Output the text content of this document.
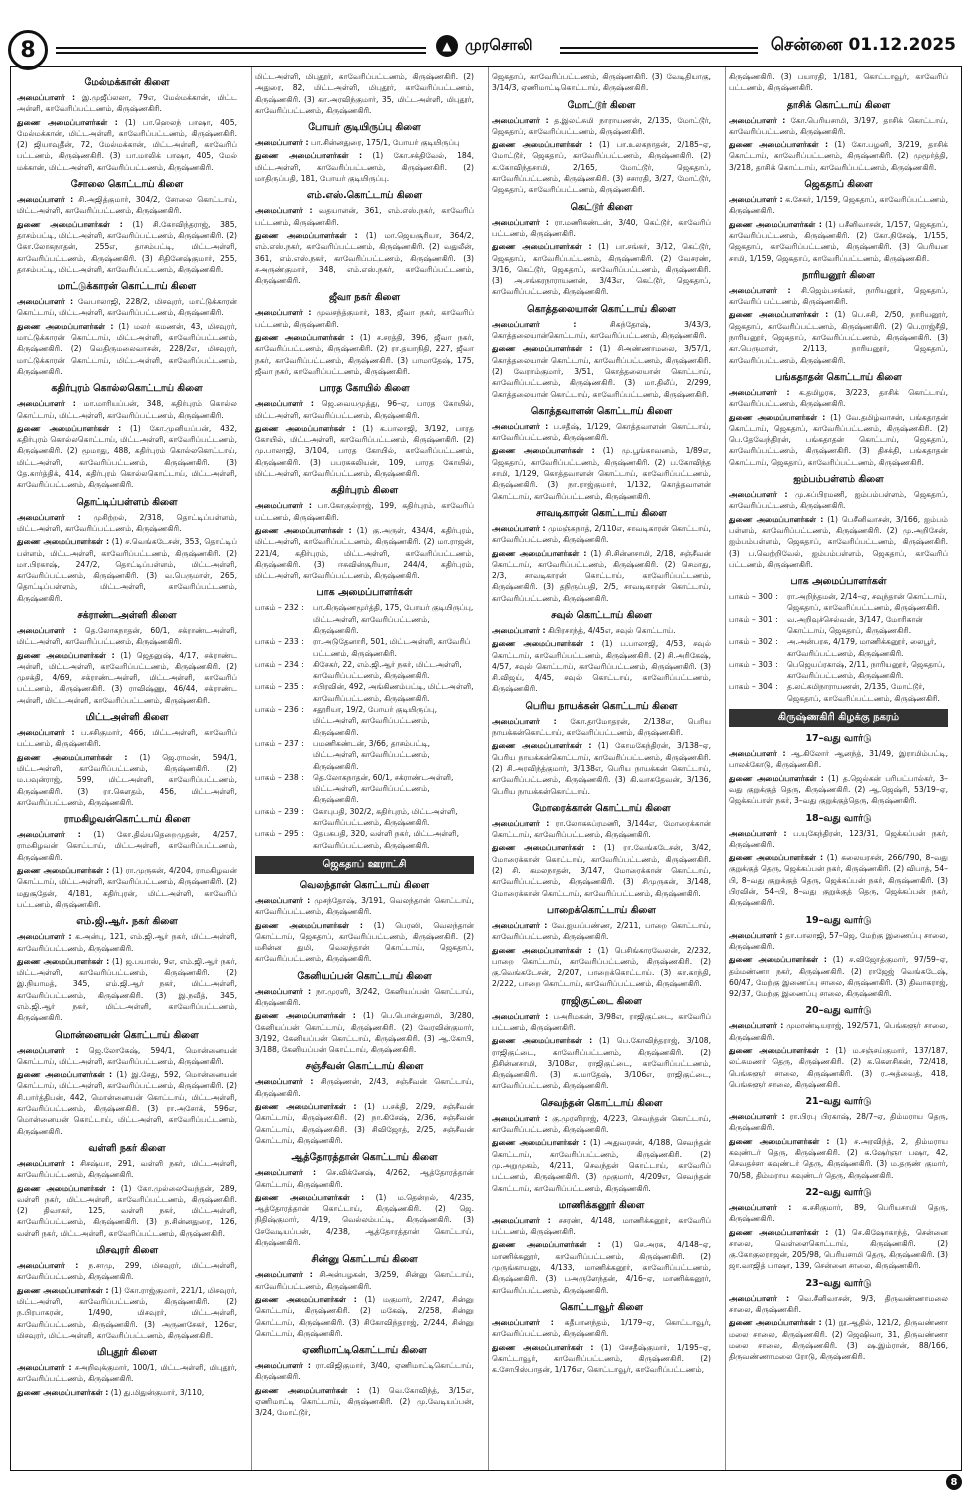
8	▲ முரசொலி	சென்னை 01.12.2025
மேல்மக்கான் கிளை

அமைப்பாளர் : இ.முஜீப்லலா, 79எ, மேல்மக்கான், மிட்ட அள்ளி, காவேரிப்பட்டணம், கிருஷ்ணகிரி.

துணை அமைப்பாளர்கள் : (1) பா.ஹெலந் பாஷா, 405, மேல்மக்கான், மிட்டஅள்ளி, காவேரிப்பட்டணம், கிருஷ்ணகிரி. (2) ஜியாவுதீன், 72, மேல்மக்கான், மிட்டஅள்ளி, காவேரிப் பட்டணம், கிருஷ்ணகிரி. (3) பா.மாலிக் பாஷா, 405, மேல் மக்கான், மிட்டஅள்ளி, காவேரிப்பட்டணம், கிருஷ்ணகிரி.

சோலை கொட்டாய் கிளை

அமைப்பாளர் : சி.அஜித்குமார், 304/2, சோலை கொட்டாய், மிட்டஅள்ளி, காவேரிப்பட்டணம், கிருஷ்ணகிரி.

துணை அமைப்பாளர்கள் : (1) சி.கோவிந்தராஜ், 385, தாசம்பட்டி, மிட்டஅள்ளி, காவேரிப்பட்டணம், கிருஷ்ணகிரி. (2) கோ.லோகநாதன், 255எ, தாசம்பட்டி, மிட்டஅள்ளி, காவேரிப்பட்டணம், கிருஷ்ணகிரி. (3) சிதினேஷ்குமார், 255, தாசம்பட்டி, மிட்டஅள்ளி, காவேரிப்பட்டணம், கிருஷ்ணகிரி.

மாட்டுக்காரன் கொட்டாய் கிளை

அமைப்பாளர் : வேபாலாஜி, 228/2, மிசவுரர், மாட்டுக்காரன் கொட்டாய், மிட்டஅள்ளி, காவேரிப்பட்டணம், கிருஷ்ணகிரி.

துணை அமைப்பாளர்கள் : (1) மலர் கமணன், 43, மிசவுரர், மாட்டுக்காரன் கொட்டாய், மிட்டஅள்ளி, காவேரிப்பட்டணம், கிருஷ்ணகிரி. (2) வெதிருமலைவாசன், 228/2எ, மிசவுரர், மாட்டுக்காரன் கொட்டாய், மிட்டஅள்ளி, காவேரிப்பட்டணம், கிருஷ்ணகிரி.

கதிர்புரம் கொல்லகொட்டாய் கிளை

அமைப்பாளர் : மா.மாரியப்பன், 348, கதிர்புரம் கொல்ல கொட்டாய், மிட்டஅள்ளி, காவேரிப்பட்டணம், கிருஷ்ணகிரி.

துணை அமைப்பாளர்கள் : (1) கோ.முனியப்பன், 432, கதிர்புரம் கொல்லகொட்டாய், மிட்டஅள்ளி, காவேரிப்பட்டணம், கிருஷ்ணகிரி. (2) மூமாது, 488, கதிர்புரம் கொல்லகொட்டாய், மிட்டஅள்ளி, காவேரிப்பட்டணம், கிருஷ்ணகிரி. (3) தே.கார்த்திக், 414, கதிர்புரம் கொல்லகொட்டாய், மிட்டஅள்ளி, காவேரிப்பட்டணம், கிருஷ்ணகிரி.

தொட்டிப்பள்ளம் கிளை

அமைப்பாளர் : முசிற்றல், 2/318, தொட்டிப்பள்ளம், மிட்டஅள்ளி, காவேரிப்பட்டணம், கிருஷ்ணகிரி.

துணை அமைப்பாளர்கள் : (1) ச.வெங்கடேசன், 353, தொட்டிப் பள்ளம், மிட்டஅள்ளி, காவேரிப்பட்டணம், கிருஷ்ணகிரி. (2) மா.பிரகாஷ், 247/2, தொட்டிப்பள்ளம், மிட்டஅள்ளி, காவேரிப்பட்டணம், கிருஷ்ணகிரி. (3) வ.பெருமாள், 265, தொட்டிப்பள்ளம், மிட்டஅள்ளி, காவேரிப்பட்டணம், கிருஷ்ணகிரி.

சக்ராண்டஅள்ளி கிளை

அமைப்பாளர் : தெ.லோகநாதன், 60/1, சக்ராண்டஅள்ளி, மிட்டஅள்ளி, காவேரிப்பட்டணம், கிருஷ்ணகிரி.

துணை அமைப்பாளர்கள் : (1) ஜெதனுஷ், 4/17, சக்ராண்ட அள்ளி, மிட்டஅள்ளி, காவேரிப்பட்டணம், கிருஷ்ணகிரி. (2) முசக்தி, 4/69, சக்ராண்டஅள்ளி, மிட்டஅள்ளி, காவேரிப் பட்டணம், கிருஷ்ணகிரி. (3) ராவிஷ்ணு, 46/44, சக்ராண்ட அள்ளி, மிட்டஅள்ளி, காவேரிப்பட்டணம், கிருஷ்ணகிரி.

மிட்டஅள்ளி கிளை

அமைப்பாளர் : ப.சசிகுமார், 466, மிட்டஅள்ளி, காவேரிப் பட்டணம், கிருஷ்ணகிரி.

துணை அமைப்பாளர்கள் : (1) ஜெ.ராமன், 594/1, மிட்டஅள்ளி, காவேரிப்பட்டணம், கிருஷ்ணகிரி. (2) ம.பவுன்ராஜ், 599, மிட்டஅள்ளி, காவேரிப்பட்டணம், கிருஷ்ணகிரி. (3) ரா.கௌதம், 456, மிட்டஅள்ளி, காவேரிப்பட்டணம், கிருஷ்ணகிரி.

ராமகிழவன்கொட்டாய் கிளை

அமைப்பாளர் : (1) கோ.திவ்யதெறைமுதன், 4/257, ராமகிழவன் கொட்டாய், மிட்டஅள்ளி, காவேரிப்பட்டணம், கிருஷ்ணகிரி.

துணை அமைப்பாளர்கள் : (1) ரா.முருகன், 4/204, ராமகிழவன் கொட்டாய், மிட்டஅள்ளி, காவேரிப்பட்டணம், கிருஷ்ணகிரி. (2) மதுசூதேன், 4/181, கதிர்புரன், மிட்டஅள்ளி, காவேரிப் பட்டணம், கிருஷ்ணகிரி.

எம்.ஜி.ஆர். நகர் கிளை

அமைப்பாளர் : க.அன்பு, 121, எம்.ஜி.ஆர் நகர், மிட்டஅள்ளி, காவேரிப்பட்டணம், கிருஷ்ணகிரி.

துணை அமைப்பாளர்கள் : (1) ஜ.பயாஸ், 9எ, எம்.ஜி.ஆர் நகர், மிட்டஅள்ளி, காவேரிப்பட்டணம், கிருஷ்ணகிரி. (2) இ.நியாமத், 345, எம்.ஜி.ஆர் நகர், மிட்டஅள்ளி, காவேரிப்பட்டணம், கிருஷ்ணகிரி. (3) இ.நவீத், 345, எம்.ஜி.ஆர் நகர், மிட்டஅள்ளி, காவேரிப்பட்டணம், கிருஷ்ணகிரி.

மொன்னையன் கொட்டாய் கிளை

அமைப்பாளர் : ஜெ.லோகேஷ், 594/1, மொன்னையன் கொட்டாய், மிட்டஅள்ளி, காவேரிப்பட்டணம், கிருஷ்ணகிரி.

துணை அமைப்பாளர்கள் : (1) இ.சேது, 592, மொன்னையன் கொட்டாய், மிட்டஅள்ளி, காவேரிப்பட்டணம், கிருஷ்ணகிரி. (2) சி.பார்த்திபன், 442, மொன்னையன் கொட்டாய், மிட்டஅள்ளி, காவேரிப்பட்டணம், கிருஷ்ணகிரி. (3) ரா.அசோக், 596எ, மொன்னையன் கொட்டாய், மிட்டஅள்ளி, காவேரிப்பட்டணம், கிருஷ்ணகிரி.

வள்ளி நகர் கிளை

அமைப்பாளர் : சிசஷ்யா, 291, வள்ளி நகர், மிட்டஅள்ளி, காவேரிப்பட்டணம், கிருஷ்ணகிரி.

துணை அமைப்பாளர்கள் : (1) கோ.முல்லைவேந்தன், 289, வள்ளி நகர், மிட்டஅள்ளி, காவேரிப்பட்டணம், கிருஷ்ணகிரி. (2) திவாகர், 125, வள்ளி நகர், மிட்டஅள்ளி, காவேரிப்பட்டணம், கிருஷ்ணகிரி. (3) ந.சின்னதுரை, 126, வள்ளி நகர், மிட்டஅள்ளி, காவேரிப்பட்டணம், கிருஷ்ணகிரி.

மிசவுரர் கிளை

அமைப்பாளர் : ந.சாமு, 299, மிசவுரர், மிட்டஅள்ளி, காவேரிப்பட்டணம், கிருஷ்ணகிரி.

துணை அமைப்பாளர்கள் : (1) கோ.ராஜ்குமார், 221/1, மிசவுரர், மிட்டஅள்ளி, காவேரிப்பட்டணம், கிருஷ்ணகிரி. (2) ந.பிரபாகரன், 1/490, மிசவுரர், மிட்டஅள்ளி, காவேரிப்பட்டணம், கிருஷ்ணகிரி. (3) அருணசேகர், 126எ, மிசவுரர், மிட்டஅள்ளி, காவேரிப்பட்டணம், கிருஷ்ணகிரி.

மிபுதூர் கிளை

அமைப்பாளர் : சஅறிவுக்குமார், 100/1, மிட்டஅள்ளி, மிபுதூர், காவேரிப்பட்டணம், கிருஷ்ணகிரி.

துணை அமைப்பாளர்கள் : (1) து.மிதுன்குமார், 3/110,

மிட்டஅள்ளி, மிபுதூர், காவேரிப்பட்டணம், கிருஷ்ணகிரி. (2) அதுரை, 82, மிட்டஅள்ளி, மிபுதூர், காவேரிப்பட்டணம், கிருஷ்ணகிரி. (3) கா.அரவிந்குமார், 35, மிட்டஅள்ளி, மிபுதூர், காவேரிப்பட்டணம், கிருஷ்ணகிரி.

போயர் குடியிருப்பு கிளை

அமைப்பாளர் : பா.சின்னதுரை, 175/1, போயர் குடியிருப்பு

துணை அமைப்பாளர்கள் : (1) கோ.சக்திவேல், 184, மிட்டஅள்ளி, காவேரிப்பட்டணம், கிருஷ்ணகிரி. (2) மாதிருப்பதி, 181, போயர் குடியிருப்பு.

எம்.எஸ்.கொட்டாய் கிளை

அமைப்பாளர் : வதயாளன், 361, எம்.எஸ்.நகர், காவேரிப் பட்டணம், கிருஷ்ணகிரி.

துணை அமைப்பாளர்கள் : (1) மா.ஜெயசூரியா, 364/2, எம்.எஸ்.நகர், காவேரிப்பட்டணம், கிருஷ்ணகிரி. (2) வதுலீன், 361, எம்.எஸ்.நகர், காவேரிப்பட்டணம், கிருஷ்ணகிரி. (3) சஅருண்குமார், 348, எம்.எஸ்.நகர், காவேரிப்பட்டணம், கிருஷ்ணகிரி.

ஜீவா நகர் கிளை

அமைப்பாளர் : முவசந்த்குமார், 183, ஜீவா நகர், காவேரிப் பட்டணம், கிருஷ்ணகிரி.

துணை அமைப்பாளர்கள் : (1) ச.சரத்தி, 396, ஜீவா நகர், காவேரிப்பட்டணம், கிருஷ்ணகிரி. (2) ரா.தயாநிதி, 227, ஜீவா நகர், காவேரிப்பட்டணம், கிருஷ்ணகிரி. (3) பாமாதேஷ், 175, ஜீவா நகர், காவேரிப்பட்டணம், கிருஷ்ணகிரி.

பாரத கோயில் கிளை

அமைப்பாளர் : ஜெ.வையமுத்து, 96–ஏ, பாரத கோயில், மிட்டஅள்ளி, காவேரிப்பட்டணம், கிருஷ்ணகிரி.

துணை அமைப்பாளர்கள் : (1) க.பாலாஜி, 3/192, பாரத கோயில், மிட்டஅள்ளி, காவேரிப்பட்டணம், கிருஷ்ணகிரி. (2) மு.பாலாஜி, 3/104, பாரத கோயில், காவேரிப்பட்டணம், கிருஷ்ணகிரி. (3) பபரசுகலியன், 109, பாரத கோயில், மிட்டஅள்ளி, காவேரிப்பட்டணம், கிருஷ்ணகிரி.

கதிர்புரம் கிளை

அமைப்பாளர் : பா.கோகுல்ராஜ், 199, கதிர்புரம், காவேரிப் பட்டணம், கிருஷ்ணகிரி.

துணை அமைப்பாளர்கள் : (1) கு.அருள், 434/4, கதிர்புரம், மிட்டஅள்ளி, காவேரிப்பட்டணம், கிருஷ்ணகிரி. (2) மா.ராஜன், 221/4, கதிர்புரம், மிட்டஅள்ளி, காவேரிப்பட்டணம், கிருஷ்ணகிரி. (3) ஈசுவின்சூரியா, 244/4, கதிர்புரம், மிட்டஅள்ளி, காவேரிப்பட்டணம், கிருஷ்ணகிரி.

பாக அமைப்பாளர்கள்
பாகம் – 232 :	பா.கிருஷ்ணமூர்த்தி, 175, போயர் குடியிருப்பு, மிட்டஅள்ளி, காவேரிப்பட்டணம், கிருஷ்ணகிரி.
பாகம் – 233 :	ரா.அடுதேனாரி, 501, மிட்டஅள்ளி, காவேரிப் பட்டணம், கிருஷ்ணகிரி.
பாகம் – 234 :	கிசேகர், 22, எம்.ஜி.ஆர் நகர், மிட்டஅள்ளி, காவேரிப்பட்டணம், கிருஷ்ணகிரி.
பாகம் – 235 :	சபிரவின், 492, அங்கிணம்பட்டி, மிட்டஅள்ளி, காவேரிப்பட்டணம், கிருஷ்ணகிரி.
பாகம் – 236 :	சதூரியா, 19/2, போயர் குடியிருப்பு, மிட்டஅள்ளி, காவேரிப்பட்டணம், கிருஷ்ணகிரி.
பாகம் – 237 :	பமணிகண்டன், 3/66, தாசம்பட்டி, மிட்டஅள்ளி, காவேரிப்பட்டணம், கிருஷ்ணகிரி.
பாகம் – 238 :	தெ.லோகநாதன், 60/1, சக்ராண்டஅள்ளி, மிட்டஅள்ளி, காவேரிப்பட்டணம், கிருஷ்ணகிரி.
பாகம் – 239 :	கோபுபதி, 302/2, கதிர்புரம், மிட்டஅள்ளி, காவேரிப்பட்டணம், கிருஷ்ணகிரி.
பாகம் – 295 :	தேபகபதி, 320, வள்ளி நகர், மிட்டஅள்ளி, காவேரிப்பட்டணம், கிருஷ்ணகிரி.
ஜெகதாப் ஊராட்சி
வெலந்தான் கொட்டாய் கிளை

அமைப்பாளர் : முசந்தோஷ், 3/191, வெலந்தான் கொட்டாய், காவேரிப்பட்டணம், கிருஷ்ணகிரி.

துணை அமைப்பாளர்கள் : (1) பெரஸி, வெலந்தான் கொட்டாய், ஜெகதாப், காவேரிப்பட்டணம், கிருஷ்ணகிரி. (2) மசின்ன துமி, வெலந்தான் கொட்டாய், ஜெகதாப், காவேரிப்பட்டணம், கிருஷ்ணகிரி.

கேனியப்பன் கொட்டாய் கிளை

அமைப்பாளர் : நா.முரளி, 3/242, கேனியப்பன் கொட்டாய், கிருஷ்ணகிரி.

துணை அமைப்பாளர்கள் : (1) பெ.பொன்துசாமி, 3/280, கேனியப்பன் கொட்டாய், கிருஷ்ணகிரி. (2) வேரவின்குமார், 3/192, கேனியப்பன் கொட்டாய், கிருஷ்ணகிரி. (3) ஆ.கோபி, 3/188, கேனியப்பன் கொட்டாய், கிருஷ்ணகிரி.

சஞ்சீவன் கொட்டாய் கிளை

அமைப்பாளர் : சிருஷ்ணன், 2/43, சஞ்சீவன் கொட்டாய், கிருஷ்ணகிரி.

துணை அமைப்பாளர்கள் : (1) ப.சக்தி, 2/29, சஞ்சீவன் கொட்டாய், கிருஷ்ணகிரி. (2) நா.கிசேஷ், 2/36, சஞ்சீவன் கொட்டாய், கிருஷ்ணகிரி. (3) சிவிஜோத், 2/25, சஞ்சீவன் கொட்டாய், கிருஷ்ணகிரி.

ஆத்தோரத்தான் கொட்டாய் கிளை

அமைப்பாளர் : செ.விக்னேஷ், 4/262, ஆத்தோரத்தான் கொட்டாய், கிருஷ்ணகிரி.

துணை அமைப்பாளர்கள் : (1) ம.தென்றல், 4/235, ஆத்தோரத்தான் கொட்டாய், கிருஷ்ணகிரி. (2) ஜெ. நிதிஷ்குமார், 4/19, வெல்லம்பட்டி, கிருஷ்ணகிரி. (3) சேவேடியப்பன், 4/238, ஆத்தோரத்தான் கொட்டாய், கிருஷ்ணகிரி.

சின்னு கொட்டாய் கிளை

அமைப்பாளர் : சிஅன்பழகன், 3/259, சின்னு கொட்டாய், காவேரிப்பட்டணம், கிருஷ்ணகிரி.

துணை அமைப்பாளர்கள் : (1) மகுமார், 2/247, சின்னு கொட்டாய், கிருஷ்ணகிரி. (2) மகேஷ், 2/258, சின்னு கொட்டாய், கிருஷ்ணகிரி. (3) சிகோவிந்தராஜ், 2/244, சின்னு கொட்டாய், கிருஷ்ணகிரி.

ஏணிமாட்டிகொட்டாய் கிளை

அமைப்பாளர் : ரா.விஜிகுமார், 3/40, ஏணிமாட்டிகொட்டாய், கிருஷ்ணகிரி.

துணை அமைப்பாளர்கள் : (1) வெ.கோவிந்த், 3/15எ, ஏணிமாட்டி கொட்டாய், கிருஷ்ணகிரி. (2) மு.வேடியப்பன், 3/24, மோட்டூர்,

ஜெகதாப், காவேரிப்பட்டணம், கிருஷ்ணகிரி. (3) வேடிதியாகு, 3/14/3, ஏணிமாட்டிகொட்டாய், கிருஷ்ணகிரி.

மோட்டூர் கிளை

அமைப்பாளர் : த.இலட்சுமி நாராயணன், 2/135, மோட்டூர், ஜெகதாப், காவேரிப்பட்டணம், கிருஷ்ணகிரி.

துணை அமைப்பாளர்கள் : (1) பா.உலகநாதன், 2/185–ஏ, மோட்டூர், ஜெகதாப், காவேரிப்பட்டணம், கிருஷ்ணகிரி. (2) க.கோவிந்தசாமி, 2/165, மோட்டூர், ஜெகதாப், காவேரிப்பட்டணம், கிருஷ்ணகிரி. (3) சசாரதி, 3/27, மோட்டூர், ஜெகதாப், காவேரிப்பட்டணம், கிருஷ்ணகிரி.

கெட்டூர் கிளை

அமைப்பாளர் : ரா.மணிகண்டன், 3/40, கெட்டூர், காவேரிப் பட்டணம், கிருஷ்ணகிரி.

துணை அமைப்பாளர்கள் : (1) பா.சங்கர், 3/12, கெட்டூர், ஜெகதாப், காவேரிப்பட்டணம், கிருஷ்ணகிரி. (2) வேசரண், 3/16, கெட்டூர், ஜெகதாப், காவேரிப்பட்டணம், கிருஷ்ணகிரி. (3) அ.சங்கரநாராயணன், 3/43எ, கெட்டூர், ஜெகதாப், காவேரிப்பட்டணம், கிருஷ்ணகிரி.

கொத்தலையான் கொட்டாய் கிளை

அமைப்பாளர் :	சிசுந்தோஷ், 3/43/3, கொத்தலையான்கொட்டாய், காவேரிப்பட்டணம், கிருஷ்ணகிரி.

துணை அமைப்பாளர்கள் : (1) சிஅண்ணாமலை, 3/57/1, கொத்தலையான் கொட்டாய், காவேரிப்பட்டணம், கிருஷ்ணகிரி. (2) வேராம்குமார், 3/51, கொத்தலையான் கொட்டாய், காவேரிப்பட்டணம், கிருஷ்ணகிரி. (3) மா.திலீப், 2/299, கொத்தலையான் கொட்டாய், காவேரிப்பட்டணம், கிருஷ்ணகிரி.

கொத்தவாளன் கொட்டாய் கிளை

அமைப்பாளர் : ப.சதீஷ், 1/129, கொத்தவாளன் கொட்டாய், காவேரிப்பட்டணம், கிருஷ்ணகிரி.

துணை அமைப்பாளர்கள் : (1) மு.பூங்காவனம், 1/89எ, ஜெகதாப், காவேரிப்பட்டணம், கிருஷ்ணகிரி. (2) ப.கோவிந்த சாமி, 1/129, கொத்தவாளன் கொட்டாய், காவேரிப்பட்டணம், கிருஷ்ணகிரி. (3) நா.ராஜ்குமார், 1/132, கொத்தவாளன் கொட்டாய், காவேரிப்பட்டணம், கிருஷ்ணகிரி.

சாவடிகாரன் கொட்டாய் கிளை

அமைப்பாளர் : முமஞ்சுநாத், 2/110எ, சாவடிகாரன் கொட்டாய், காவேரிப்பட்டணம், கிருஷ்ணகிரி.

துணை அமைப்பாளர்கள் : (1) சி.சின்னசாமி, 2/18, சஞ்சீவன் கொட்டாய், காவேரிப்பட்டணம், கிருஷ்ணகிரி. (2) செமாது, 2/3, சாவடிகாரன் கொட்டாய், காவேரிப்பட்டணம், கிருஷ்ணகிரி. (3) தநிருப்பதி, 2/5, சாவடிகாரன் கொட்டாய், காவேரிப்பட்டணம், கிருஷ்ணகிரி.

சவுல் கொட்டாய் கிளை

அமைப்பாளர் : கிபிரசாந்த், 4/45எ, சவுல் கொட்டாய்.

துணை அமைப்பாளர்கள் : (1) ப.பாலாஜி, 4/53, சவுல் கொட்டாய், காவேரிப்பட்டணம், கிருஷ்ணகிரி. (2) சி.அரிகேஷ், 4/57, சவுல் கொட்டாய், காவேரிப்பட்டணம், கிருஷ்ணகிரி. (3) சி.விஜய், 4/45, சவுல் கொட்டாய், காவேரிப்பட்டணம், கிருஷ்ணகிரி.

பெரிய நாயக்கன் கொட்டாய் கிளை

அமைப்பாளர் : கோ.தாமோதரன், 2/138எ, பெரிய நாயக்கன்கொட்டாய், காவேரிப்பட்டணம், கிருஷ்ணகிரி.

துணை அமைப்பாளர்கள் : (1) கோமகேந்திரன், 3/138–ஏ, பெரிய நாயக்கன்கொட்டாய், காவேரிப்பட்டணம், கிருஷ்ணகிரி. (2) சி.அரவிந்த்குமார், 3/138எ, பெரிய நாயக்கன் கொட்டாய், காவேரிப்பட்டணம், கிருஷ்ணகிரி. (3) கி.வாசுதேவன், 3/136, பெரிய நாயக்கன்கொட்டாய்.

மோரைக்கான் கொட்டாய் கிளை

அமைப்பாளர் : ரா.லோகசுப்ரமணி, 3/144எ, மோரைக்கான் கொட்டாய், காவேரிப்பட்டணம், கிருஷ்ணகிரி.

துணை அமைப்பாளர்கள் : (1) ரா.வேங்கடேசன், 3/42, மோரைக்கான் கொட்டாய், காவேரிப்பட்டணம், கிருஷ்ணகிரி. (2) சி. கமலநாதன், 3/147, மோரைக்கான் கொட்டாய், காவேரிப்பட்டணம், கிருஷ்ணகிரி. (3) சிமுருகன், 3/148, மோரைக்கான் கொட்டாய், காவேரிப்பட்டணம், கிருஷ்ணகிரி.

பாறைக்கொட்டாய் கிளை

அமைப்பாளர் : வே.ஐயப்பண்ண, 2/211, பாறை கொட்டாய், காவேரிப்பட்டணம், கிருஷ்ணகிரி.

துணை அமைப்பாளர்கள் : (1) பெசிங்காரவேலன், 2/232, பாறை கொட்டாய், காவேரிப்பட்டணம், கிருஷ்ணகிரி. (2) கு.வெங்கடேசன், 2/207, பாறைக்கொட்டாய். (3) கா.காந்தி, 2/222, பாறை கொட்டாய், காவேரிப்பட்டணம், கிருஷ்ணகிரி.

ராஜிகுட்டை கிளை

அமைப்பாளர் : பஅரிமகன், 3/98எ, ராஜிகுட்டை, காவேரிப் பட்டணம், கிருஷ்ணகிரி.

துணை அமைப்பாளர்கள் : (1) பெ.கோவிந்தராஜ், 3/108, ராஜிகுட்டை, காவேரிப்பட்டணம், கிருஷ்ணகிரி. (2) திசின்னசாமி, 3/108எ, ராஜிகுட்டை, காவேரிப்பட்டணம், கிருஷ்ணகிரி. (3) க.மாதேஷ், 3/106எ, ராஜிகுட்டை, காவேரிப்பட்டணம், கிருஷ்ணகிரி.

செவந்தன் கொட்டாய் கிளை

அமைப்பாளர் : கு.முரளிராஜ், 4/223, செவந்தன் கொட்டாய், காவேரிப்பட்டணம், கிருஷ்ணகிரி.

துணை அமைப்பாளர்கள் : (1) அதுவரசன், 4/188, செவந்தன் கொட்டாய், காவேரிப்பட்டணம், கிருஷ்ணகிரி. (2) மு.அறுமுகம், 4/211, செவந்தன் கொட்டாய், காவேரிப் பட்டணம், கிருஷ்ணகிரி. (3) முகுமார், 4/209எ, செவந்தன் கொட்டாய், காவேரிப்பட்டணம், கிருஷ்ணகிரி.

மாணிக்கனூர் கிளை

அமைப்பாளர் : சசரண், 4/148, மாணிக்கனூர், காவேரிப் பட்டணம், கிருஷ்ணகிரி.

துணை அமைப்பாளர்கள் : (1) செ.அரசு, 4/148–ஏ, மாணிக்கனூர், காவேரிப்பட்டணம், கிருஷ்ணகிரி. (2) முருங்காயனு, 4/133, மாணிக்கனூர், காவேரிப்பட்டணம், கிருஷ்ணகிரி. (3) பஅருளேந்தன், 4/16–ஏ, மாணிக்கனூர், காவேரிப்பட்டணம், கிருஷ்ணகிரி.

கொட்டாவூர் கிளை

அமைப்பாளர் : கதீபானந்தம், 1/179–ஏ, கொட்டாவூர், காவேரிப்பட்டணம், கிருஷ்ணகிரி.

துணை அமைப்பாளர்கள் : (1) சேசதீஷ்குமார், 1/195–ஏ, கொட்டாவூர், காவேரிப்பட்டணம், கிருஷ்ணகிரி. (2) க.சோபிஸ்பாதன், 1/176எ, கொட்டாவூர், காவேரிப்பட்டணம்,

கிருஷ்ணகிரி. (3) பயாரதி, 1/181, கொட்டாவூர், காவேரிப் பட்டணம், கிருஷ்ணகிரி.

தாசிக் கொட்டாய் கிளை

அமைப்பாளர் : கோ.பெரியசாமி, 3/197, தாசிக் கொட்டாய், காவேரிப்பட்டணம், கிருஷ்ணகிரி.

துணை அமைப்பாளர்கள் : (1) கோ.பழனி, 3/219, தாசிக் கொட்டாய், காவேரிப்பட்டணம், கிருஷ்ணகிரி. (2) முமூர்த்தி, 3/218, தாசிக் கொட்டாய், காவேரிப்பட்டணம், கிருஷ்ணகிரி.

ஜெகதாப் கிளை

அமைப்பாளர் : க.சேகர், 1/159, ஜெகதாப், காவேரிப்பட்டணம், கிருஷ்ணகிரி.

துணை அமைப்பாளர்கள் : (1) பசீனிவாசன், 1/157, ஜெகதாப், காவேரிப்பட்டணம், கிருஷ்ணகிரி. (2) கோ.நிசேஷ், 1/155, ஜெகதாப், காவேரிப்பட்டணம், கிருஷ்ணகிரி. (3) பெரியன சாமி, 1/159, ஜெகதாப், காவேரிப்பட்டணம், கிருஷ்ணகிரி.

நாரியனூர் கிளை

அமைப்பாளர் : சி.ஜெம்பசங்கர், நாரியனூர், ஜெகதாப், காவேரிப் பட்டணம், கிருஷ்ணகிரி.

துணை அமைப்பாளர்கள் : (1) பெ.சசி, 2/50, நாரியனூர், ஜெகதாப், காவேரிப்பட்டணம், கிருஷ்ணகிரி. (2) பெ.ராஜ்சீதி, நாரியனூர், ஜெகதாப், காவேரிப்பட்டணம், கிருஷ்ணகிரி. (3) கா.பெருமாள், 2/113, நாரியனூர், ஜெகதாப், காவேரிப்பட்டணம், கிருஷ்ணகிரி.

பங்கதாதன் கொட்டாய் கிளை

அமைப்பாளர் : க.தமிழரசு, 3/223, தாசிக் கொட்டாய், காவேரிப்பட்டணம், கிருஷ்ணகிரி.

துணை அமைப்பாளர்கள் : (1) வே.தமிழ்வாசன், பங்கதாதன் கொட்டாய், ஜெகதாப், காவேரிப்பட்டணம், கிருஷ்ணகிரி. (2) பெ.தேவேந்திரன், பங்கதாதன் கொட்டாய், ஜெகதாப், காவேரிப்பட்டணம், கிருஷ்ணகிரி. (3) திசக்தி, பங்கதாதன் கொட்டாய், ஜெகதாப், காவேரிப்பட்டணம், கிருஷ்ணகிரி.

ஐம்பம்பள்ளம் கிளை

அமைப்பாளர் : மு.சுப்பிரமணி, ஐம்பம்பள்ளம், ஜெகதாப், காவேரிப்பட்டணம், கிருஷ்ணகிரி.

துணை அமைப்பாளர்கள் : (1) பெசீனிவாசன், 3/166, ஐம்பம் பள்ளம், காவேரிப்பட்டணம், கிருஷ்ணகிரி. (2) மு.அறிசேன், ஐம்பம்பள்ளம், ஜெகதாப், காவேரிப்பட்டணம், கிருஷ்ணகிரி. (3) ப.வெற்றிவேல், ஐம்பம்பள்ளம், ஜெகதாப், காவேரிப் பட்டணம், கிருஷ்ணகிரி.

பாக அமைப்பாளர்கள்
பாகம் – 300 :	ரா.அறிந்தமன், 2/14–ஏ, சவுந்தான் கொட்டாய், ஜெகதாப், காவேரிப்பட்டணம், கிருஷ்ணகிரி.
பாகம் – 301 :	வ.அறிவுச்செல்வன், 3/147, மோரிகான் கொட்டாய், ஜெகதாப், கிருஷ்ணகிரி.
பாகம் – 302 :	அ.அன்பரசு, 4/179, மாணிக்கனூர், லைபூர், காவேரிப்பட்டணம், கிருஷ்ணகிரி.
பாகம் – 303 :	பெஜெயப்ரகாஷ், 2/11, நாரியனூர், ஜெகதாப், காவேரிப்பட்டணம், கிருஷ்ணகிரி.
பாகம் – 304 :	த.லட்சுமிநாராயணன், 2/135, மோட்டூர், ஜெகதாப், காவேரிப்பட்டணம், கிருஷ்ணகிரி.
கிருஷ்ணகிரி கிழக்கு நகரம்
17–வது வார்டு

அமைப்பாளர் : ஆ.கிலோர் ஆனந்த், 31/49, இராமிம்பட்டி, பாலக்கோடு, கிருஷ்ணகிரி.

துணை அமைப்பாளர்கள் : (1) த.ஜெல்கன் பரிபட்பால்கர், 3–வது குறுக்குத் தெரு, கிருஷ்ணகிரி. (2) ஆ.ஜெஷ்ரி, 53/19–ஏ, ஜெக்கப்பாள் நகர், 3–வது குறுக்குத்தெரு, கிருஷ்ணகிரி.

18–வது வார்டு

அமைப்பாளர் : ப.யுகேந்திரன், 123/31, ஜெக்கப்பன் நகர், கிருஷ்ணகிரி.

துணை அமைப்பாளர்கள் : (1) கலையரசன், 266/790, 8–வது குறுக்குத் தெரு, ஜெக்கப்பன் நகர், கிருஷ்ணகிரி. (2) விபாத், 54–பி, 8–வது குறுக்குத் தெரு, ஜெக்கப்பன் நகர், கிருஷ்ணகிரி. (3) பிரவின், 54–பி, 8–வது குறுக்குத் தெரு, ஜெக்கப்பன் நகர், கிருஷ்ணகிரி.

19–வது வார்டு

அமைப்பாளர் : தா.பாலாஜி, 57–ஜெ, மேற்கு இணைப்பு சாலை, கிருஷ்ணகிரி.

துணை அமைப்பாளர்கள் : (1) ச.விஜோத்குமார், 97/59–ஏ, தம்மண்ணா நகர், கிருஷ்ணகிரி. (2) ராஜேஜ் வெங்கடேஷ், 60/47, மேற்கு இணைப்பு சாலை, கிருஷ்ணகிரி. (3) திவாகராஜ், 92/37, மேற்கு இணைப்பு சாலை, கிருஷ்ணகிரி.

20–வது வார்டு

அமைப்பாளர் : முமாண்டியராஜ், 192/571, பெங்களூர் சாலை, கிருஷ்ணகிரி.

துணை அமைப்பாளர்கள் : (1) ம.சஞ்சய்குமார், 137/187, லட்சுமணர் தெரு, கிருஷ்ணகிரி. (2) க.கெளசிகன், 72/418, பெங்களூர் சாலை, கிருஷ்ணகிரி. (3) ர.அத்வைத், 418, பெங்களூர் சாலை, கிருஷ்ணகிரி.

21–வது வார்டு

அமைப்பாளர் : ரா.பிரபு பிரகாஷ், 28/7–ஏ, திம்மராய தெரு, கிருஷ்ணகிரி.

துணை அமைப்பாளர்கள் : (1) ச.அரவிந்த், 2, திம்மராய கவுண்டர் தெரு, கிருஷ்ணகிரி. (2) க.ஷேர்ஞா பஷா, 42, செவதச்சா கவுண்டர் தெரு, கிருஷ்ணகிரி. (3) ம.தருண் குமார், 70/58, திம்மராய கவுண்டர் தெரு, கிருஷ்ணகிரி.

22–வது வார்டு

அமைப்பாளர் : க.சசிகுமார், 89, பெரியசாமி தெரு, கிருஷ்ணகிரி.

துணை அமைப்பாளர்கள் : (1) செ.கிஷோகாந்த், சென்னை சாலை, வெள்ளைகொட்டாய், கிருஷ்ணகிரி. (2) கு.கோகுலராஜன், 205/98, பெரியசாமி தெரு, கிருஷ்ணகிரி. (3) ஜா.வாஜித் பாஷா, 139, சென்னை சாலை, கிருஷ்ணகிரி.

23–வது வார்டு

அமைப்பாளர் : வெ.சீனிவாசன், 9/3, திருவண்ணாமலை சாலை, கிருஷ்ணகிரி.

துணை அமைப்பாளர்கள் : (1) நூ.ஆதில், 121/2, திருவண்ணா மலை சாலை, கிருஷ்ணகிரி. (2) ஜெஷிவா, 31, திருவண்ணா மலை சாலை, கிருஷ்ணகிரி. (3) ஷ.இம்ரான், 88/166, திருவண்ணாமலை ரோடு, கிருஷ்ணகிரி.

8
